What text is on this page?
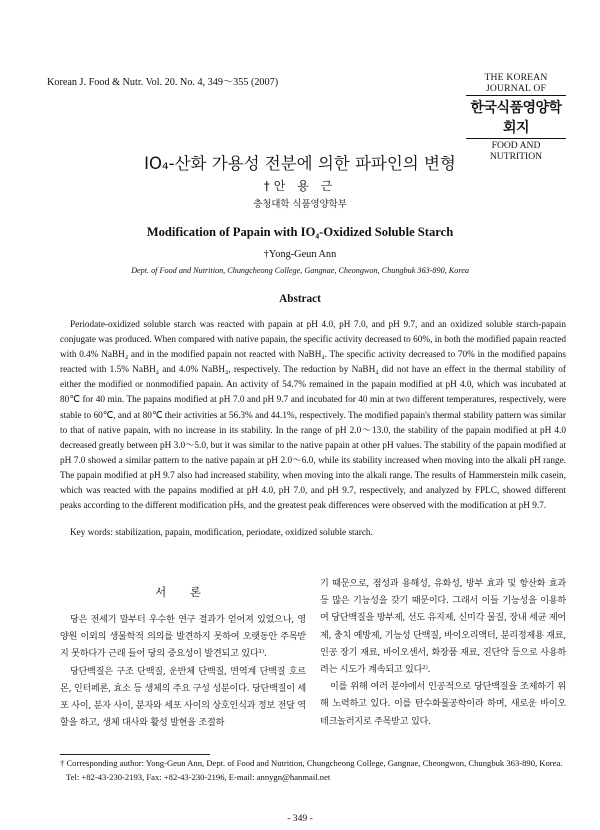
Korean J. Food & Nutr. Vol. 20. No. 4, 349～355 (2007)	THE KOREAN JOURNAL OF
한국식품영양학회지
FOOD AND NUTRITION
IO₄-산화 가용성 전분에 의한 파파인의 변형
†안 용 근
충청대학 식품영양학부
Modification of Papain with IO₄-Oxidized Soluble Starch
†Yong-Geun Ann
Dept. of Food and Nutrition, Chungcheong College, Gangnae, Cheongwon, Chungbuk 363-890, Korea
Abstract
Periodate-oxidized soluble starch was reacted with papain at pH 4.0, pH 7.0, and pH 9.7, and an oxidized soluble starch-papain conjugate was produced. When compared with native papain, the specific activity decreased to 60%, in both the modified papain reacted with 0.4% NaBH₄ and in the modified papain not reacted with NaBH₄. The specific activity decreased to 70% in the modified papains reacted with 1.5% NaBH₄ and 4.0% NaBH₄, respectively. The reduction by NaBH₄ did not have an effect in the thermal stability of either the modified or nonmodified papain. An activity of 54.7% remained in the papain modified at pH 4.0, which was incubated at 80℃ for 40 min. The papains modified at pH 7.0 and pH 9.7 and incubated for 40 min at two different temperatures, respectively, were stable to 60℃, and at 80℃ their activities at 56.3% and 44.1%, respectively. The modified papain's thermal stability pattern was similar to that of native papain, with no increase in its stability. In the range of pH 2.0～13.0, the stability of the papain modified at pH 4.0 decreased greatly between pH 3.0～5.0, but it was similar to the native papain at other pH values. The stability of the papain modified at pH 7.0 showed a similar pattern to the native papain at pH 2.0～6.0, while its stability increased when moving into the alkali pH range. The papain modified at pH 9.7 also had increased stability, when moving into the alkali range. The results of Hammerstein milk casein, which was reacted with the papains modified at pH 4.0, pH 7.0, and pH 9.7, respectively, and analyzed by FPLC, showed different peaks according to the different modification pHs, and the greatest peak differences were observed with the modification at pH 9.7.
Key words: stabilization, papain, modification, periodate, oxidized soluble starch.
서 론

당은 전세기 말부터 우수한 연구 결과가 얻어져 있었으나, 영양원 이외의 생물학적 의의를 발견하지 못하여 오랫동안 주목받지 못하다가 근래 들어 당의 중요성이 발견되고 있다¹⁾.

당단백질은 구조 단백질, 운반체 단백질, 면역계 단백질 호르몬, 인터페론, 효소 등 생체의 주요 구성 성분이다. 당단백질이 세포 사이, 분자 사이, 분자와 세포 사이의 상호인식과 정보 전달 역할을 하고, 생체 대사와 활성 발현을 조절하

기 때문으로, 점성과 용해성, 유화성, 방부 효과 및 항산화 효과 등 많은 기능성을 갖기 때문이다. 그래서 이들 기능성을 이용하여 당단백질을 방부제, 선도 유지제, 신미각 물질, 장내 세균 제어제, 충치 예방제, 기능성 단백질, 바이오리액터, 분리정제용 재료, 인공 장기 재료, 바이오센서, 화장품 재료, 진단약 등으로 사용하려는 시도가 계속되고 있다²⁾.

이를 위해 여러 분야에서 인공적으로 당단백질을 조제하기 위해 노력하고 있다. 이를 탄수화물공학이라 하며, 새로운 바이오테크놀러지로 주목받고 있다.

† Corresponding author: Yong-Geun Ann, Dept. of Food and Nutrition, Chungcheong College, Gangnae, Cheongwon, Chungbuk 363-890, Korea.
Tel: +82-43-230-2193, Fax: +82-43-230-2196, E-mail: annygn@hanmail.net
- 349 -
